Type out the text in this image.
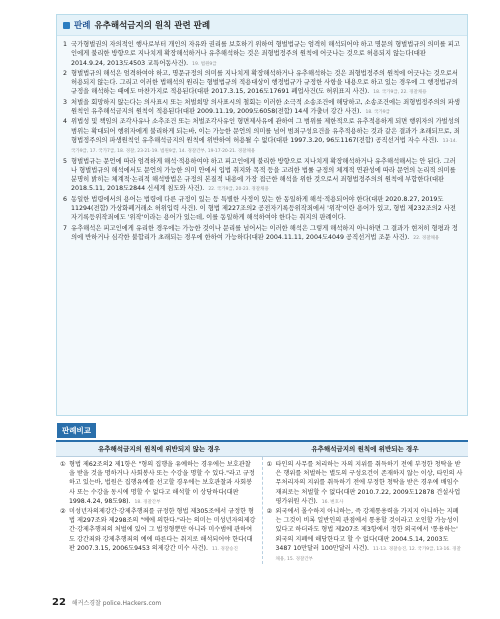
판례 유추해석금지의 원칙 관련 판례
1 국가형벌권의 자의적인 행사로부터 개인의 자유와 권리를 보호하기 위하여 형벌법규는 엄격히 해석되어야 하고 명문의 형벌법규의 의미를 피고인에게 불리한 방향으로 지나치게 확장해석하거나 유추해석하는 것은 죄형법정주의 원칙에 어긋나는 것으로 허용되지 않는다(대판 2014.9.24, 2013도4503 교특어동사건). 19. 법원9급
2 형벌법규의 해석은 엄격하여야 하고, 명문규정의 의미를 지나치게 확장해석하거나 유추해석하는 것은 죄형법정주의 원칙에 어긋나는 것으로서 허용되지 않는다. 그리고 이러한 법해석의 원리는 형벌법규의 적용대상이 행정법규가 규정한 사항을 내용으로 하고 있는 경우에 그 행정법규의 규정을 해석하는 때에도 마찬가지로 적용된다(대판 2017.3.15, 2016도17691 폐업사건(도 허위표지 사건). 18. 국가9급, 22. 경찰채용
3 처벌을 회망하지 않는다는 의사표시 또는 처벌희망 의사표시의 철회는 이러한 소극적 소송조건에 해당하고, 소송조건에는 죄형법정주의의 파생원칙인 유추해석금지의 원칙이 적용된다(대판 2009.11.19, 2009도6058(전합) 14세 가출녀 강간 사건). 18. 국가9급
4 위법성 및 책임의 조각사유나 소추조건 또는 처벌조각사유인 형면제사유에 관하여 그 범위를 제한적으로 유추적용하게 되면 행위자의 가벌성의 범위는 확대되어 행위자에게 불리하게 되는바, 이는 가능한 문언의 의미를 넘어 범죄구성요건을 유추적용하는 것과 같은 결과가 초래되므로, 죄형법정주의의 파생원칙인 유추해석금지의 원칙에 위반하여 허용될 수 없다(대판 1997.3.20, 96도1167(전합) 공직선거법 자수 사건). 13·14. 국가9급, 17. 국가7급, 18. 경찰, 23·21·19. 법원9급, 14. 경찰간부, 19·17·20·21. 경찰채용
5 형벌법규는 문언에 따라 엄격하게 해석·적용하여야 하고 피고인에게 불리한 방향으로 지나치게 확장해석하거나 유추해석해서는 안 된다. 그러나 형벌법규의 해석에서도 문언의 가능한 의미 안에서 입법 취지와 목적 등을 고려한 법률 규정의 체계적 연관성에 따라 문언의 논리적 의미를 분명히 밝히는 체계적·논리적 해석방법은 규정의 본질적 내용에 가장 접근한 해석을 위한 것으로서 죄형법정주의의 원칙에 부합한다(대판 2018.5.11, 2018도2844 신세계 침도와 사건). 22. 국가9급, 20·23. 경찰채용
6 동일한 법령에서의 용어는 법령에 다른 규정이 있는 등 특별한 사정이 있는 한 동일하게 해석·적용되어야 한다(대판 2020.8.27, 2019도11294(전합) 가상화폐거래소 허위입력 사건). 이 형법 제227조의2 공전자기록등위작죄에서 '위작'이란 용어가 있고, 형법 제232조의2 사전자기록등위작죄에도 '위작'이라는 용어가 있는데, 이를 동일하게 해석하여야 한다는 취지의 판례이다.
7 유추해석은 피고인에게 유리한 경우에는 가능한 것이나 문리를 넘어서는 이러한 해석은 그렇게 해석하지 아니하면 그 결과가 현저히 형평과 정의에 반하거나 심각한 불합리가 초래되는 경우에 한하여 가능하다(대판 2004.11.11, 2004도4049 공직선거법 조문 사건). 22. 경찰채용
판례비교
유추해석금지의 원칙에 위반되지 않는 경우	유추해석금지의 원칙에 위반되는 경우
① 형법 제62조의2 제1항은 "형의 집행을 유예하는 경우에는 보호관찰을 받을 것을 명하거나 사회봉사 또는 수강을 명할 수 있다."라고 규정하고 있는바, 법원은 집행유예를 선고할 경우에는 보호관찰과 사회봉사 또는 수강을 동시에 명할 수 없다고 해석할 이 상당하다(대판 1998.4.24, 98도98). 18. 경찰간부
② 미성년자의제강간·강제추행죄를 규정한 형법 제305조에서 규정한 형법 제297조와 제298조의 "예에 의한다."라는 의미는 미성년자의제강간·강제추행죄의 처벌에 있어 그 법정형뿐만 아니라 미수범에 관하여도 강간죄와 강제추행죄의 예에 따른다는 취지로 해석되어야 한다(대판 2007.3.15, 2006도9453 의제강간 미수 사건). 11. 경찰승진
① 타인의 사무를 처리하는 자의 지위를 취득하기 전에 부정한 청탁을 받은 행위를 처벌하는 별도의 구성요건이 존재하지 않는 이상, 타인의 사무처리자의 지위를 취득하기 전에 부정한 청탁을 받은 경우에 배임수재죄로는 처벌할 수 없다(대판 2010.7.22, 2009도12878 건설사업 평가위원 사건). 16. 변호사
② 외국에서 몰수하지 아니하는, 즉 강제통용력을 가지지 아니하는 지폐는 그것이 비록 일반인의 관점에서 통용할 것이라고 오인할 가능성이 있다고 하더라도 형법 제207조 제3항에서 정한 외국에서 '통용하는' 외국의 지폐에 해당한다고 할 수 없다(대판 2004.5.14, 2003도3487 10만달러 100만달러 사건). 11·13. 경찰승진, 12. 국가9급, 13·16. 경찰채용, 15. 경찰간부
22 해커스경찰 police.Hackers.com
